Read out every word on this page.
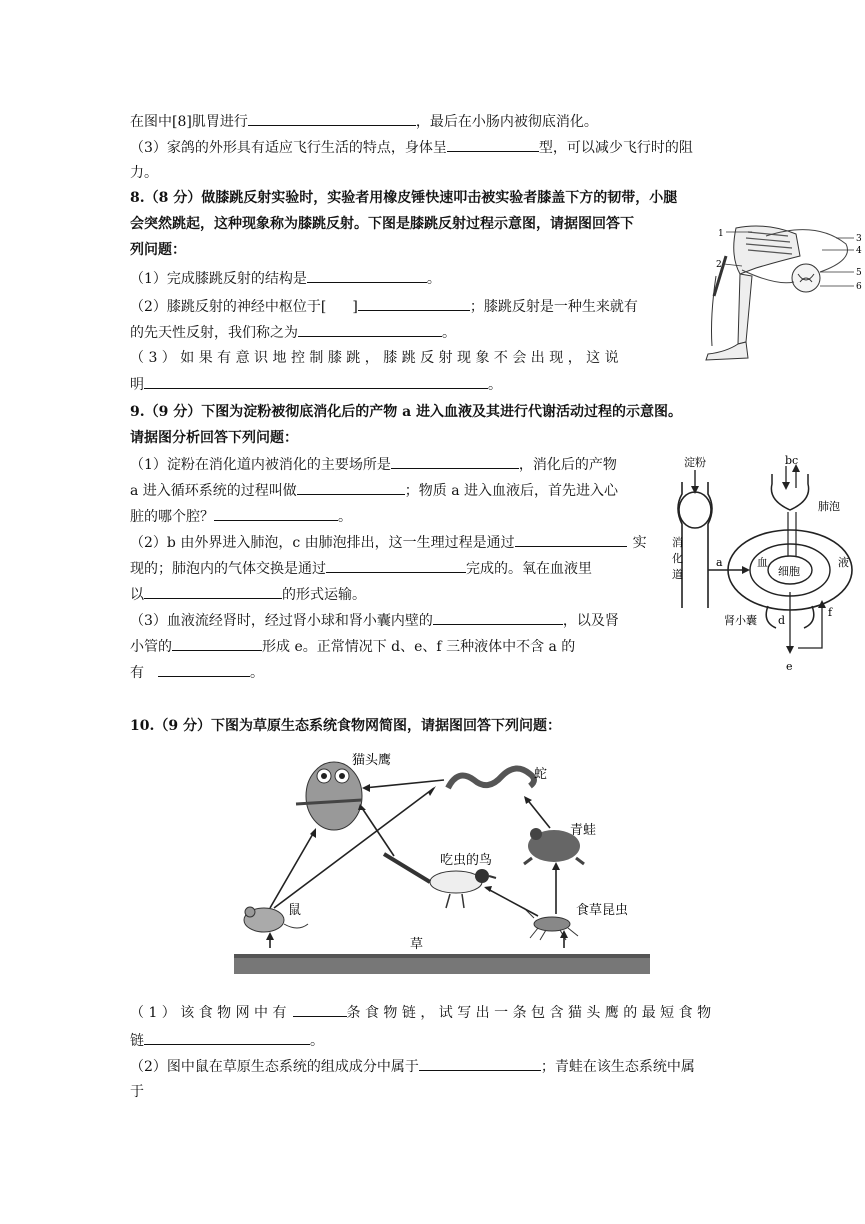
在图中[8]肌胃进行	，最后在小肠内被彻底消化。
（3）家鸽的外形具有适应飞行生活的特点，身体呈	型，可以减少飞行时的阻
力。
8.（8 分）做膝跳反射实验时，实验者用橡皮锤快速叩击被实验者膝盖下方的韧带，小腿
会突然跳起，这种现象称为膝跳反射。下图是膝跳反射过程示意图，请据图回答下
列问题：
（1）完成膝跳反射的结构是	。
（2）膝跳反射的神经中枢位于[ ]	；膝跳反射是一种生来就有
的先天性反射，我们称之为	。
（ 3 ） 如 果 有 意 识 地 控 制 膝 跳 ， 膝 跳 反 射 现 象 不 会 出 现 ， 这 说
明	。
1
2
3
4
5
6
9.（9 分）下图为淀粉被彻底消化后的产物 a 进入血液及其进行代谢活动过程的示意图。
请据图分析回答下列问题：
（1）淀粉在消化道内被消化的主要场所是	，消化后的产物
a 进入循环系统的过程叫做	；物质 a 进入血液后，首先进入心
脏的哪个腔？	。
（2）b 由外界进入肺泡，c 由肺泡排出，这一生理过程是通过	实
现的；肺泡内的气体交换是通过	完成的。氧在血液里
以	的形式运输。
（3）血液流经肾时，经过肾小球和肾小囊内壁的	，以及肾
小管的	形成 e。正常情况下 d、e、f 三种液体中不含 a 的
有	。
淀粉
消
化
道
a
bc
肺泡
血	液
细胞
肾小囊 d
f
e
10.（9 分）下图为草原生态系统食物网简图，请据图回答下列问题：
猫头鹰
蛇
青蛙
吃虫的鸟
鼠	食草昆虫
草
（ 1 ） 该 食 物 网 中 有	条 食 物 链 ， 试 写 出 一 条 包 含 猫 头 鹰 的 最 短 食 物
链	。
（2）图中鼠在草原生态系统的组成成分中属于	；青蛙在该生态系统中属
于
